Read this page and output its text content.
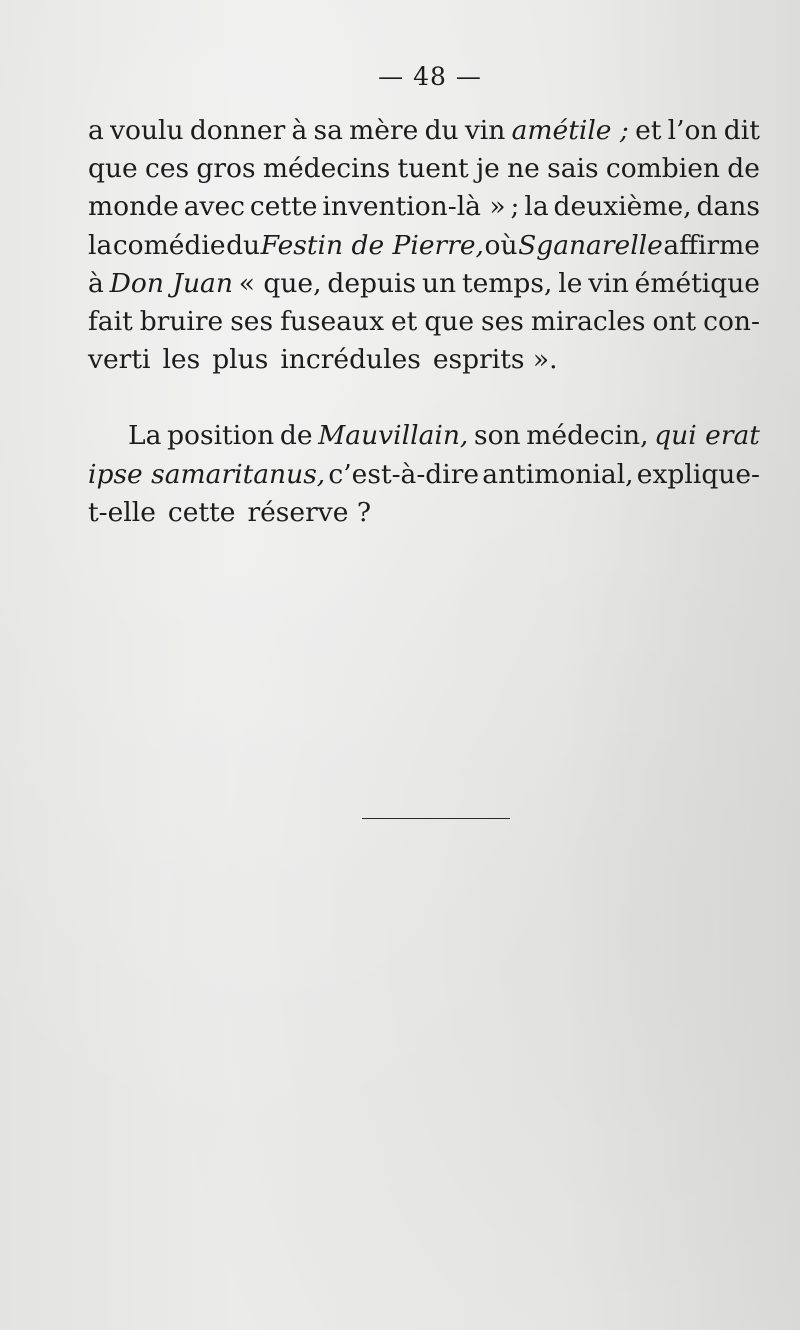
— 48 —
a voulu donner à sa mère du vin amétile ; et l’on dit
que ces gros médecins tuent je ne sais combien de
monde avec cette invention-là » ; la deuxième, dans
la comédie du Festin de Pierre, où Sganarelle affirme
à Don Juan « que, depuis un temps, le vin émétique
fait bruire ses fuseaux et que ses miracles ont con-
verti les plus incrédules esprits ».
La position de Mauvillain, son médecin, qui erat
ipse samaritanus, c’est-à-dire antimonial, explique-
t-elle cette réserve ?
